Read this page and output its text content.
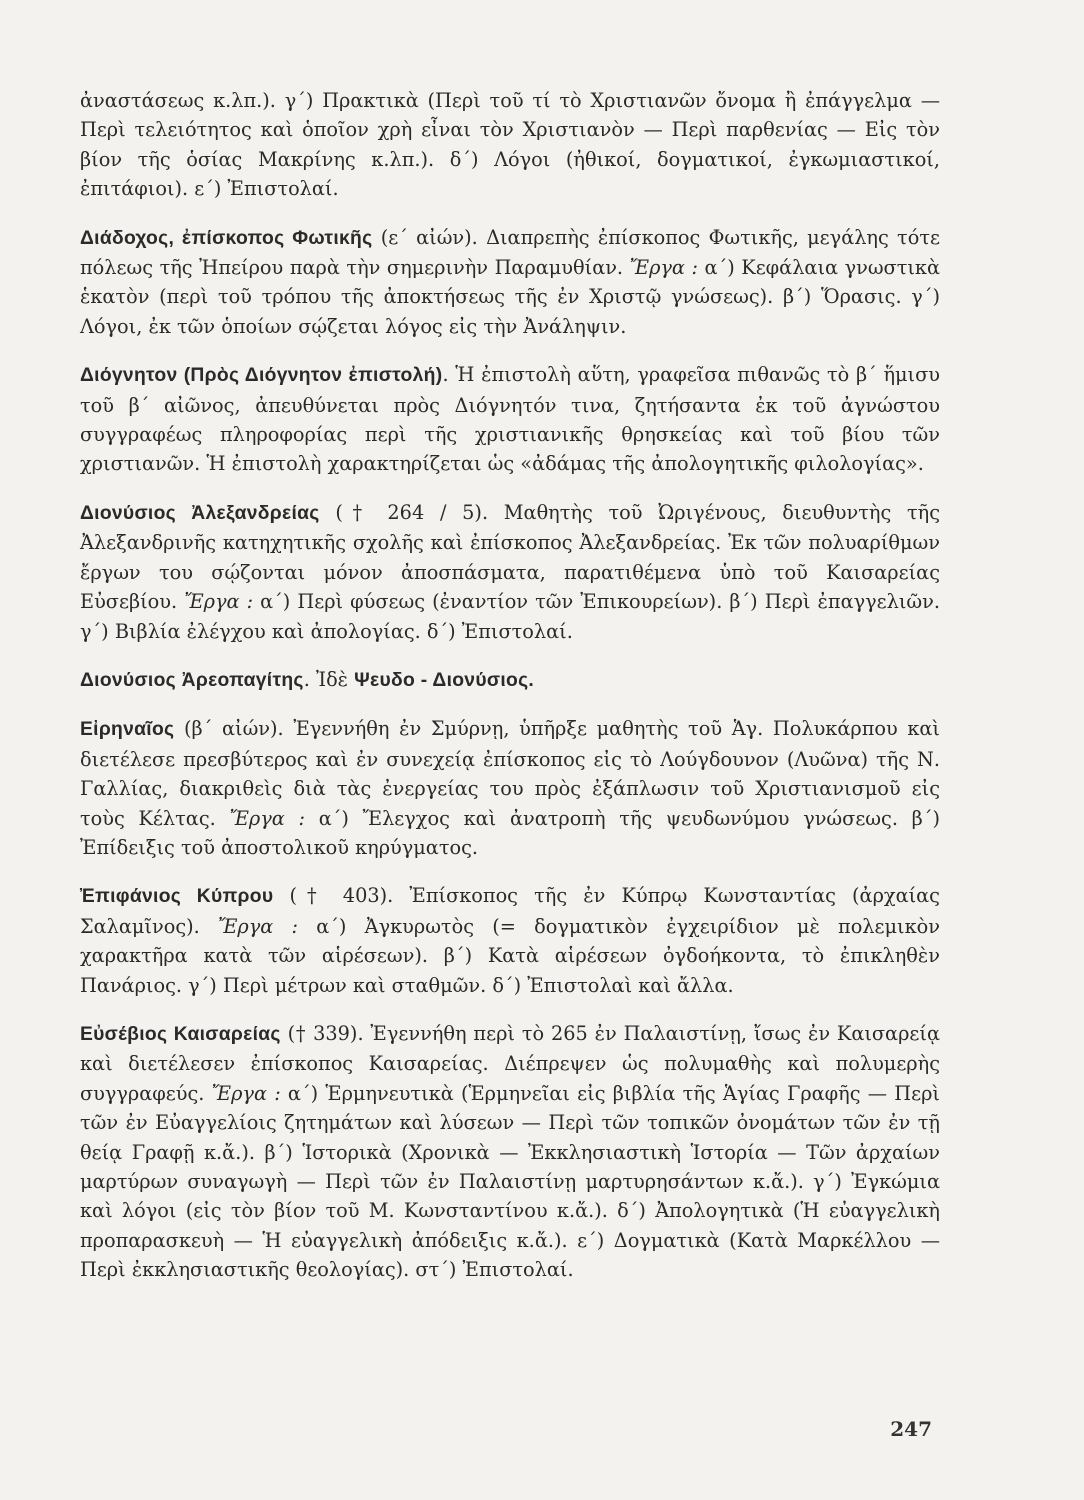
ἀναστάσεως κ.λπ.). γ΄) Πρακτικὰ (Περὶ τοῦ τί τὸ Χριστιανῶν ὄνομα ἢ ἐπάγγελμα — Περὶ τελειότητος καὶ ὁποῖον χρὴ εἶναι τὸν Χριστιανὸν — Περὶ παρθενίας — Εἰς τὸν βίον τῆς ὁσίας Μακρίνης κ.λπ.). δ΄) Λόγοι (ἠθικοί, δογματικοί, ἐγκωμιαστικοί, ἐπιτάφιοι). ε΄) Ἐπιστολαί.

Διάδοχος, ἐπίσκοπος Φωτικῆς (ε΄ αἰών). Διαπρεπὴς ἐπίσκοπος Φωτικῆς, μεγάλης τότε πόλεως τῆς Ἠπείρου παρὰ τὴν σημερινὴν Παραμυθίαν. Ἔργα : α΄) Κεφάλαια γνωστικὰ ἑκατὸν (περὶ τοῦ τρόπου τῆς ἀποκτήσεως τῆς ἐν Χριστῷ γνώσεως). β΄) Ὅρασις. γ΄) Λόγοι, ἐκ τῶν ὁποίων σῴζεται λόγος εἰς τὴν Ἀνάληψιν.

Διόγνητον (Πρὸς Διόγνητον ἐπιστολή). Ἡ ἐπιστολὴ αὕτη, γραφεῖσα πιθανῶς τὸ β΄ ἥμισυ τοῦ β΄ αἰῶνος, ἀπευθύνεται πρὸς Διόγνητόν τινα, ζητήσαντα ἐκ τοῦ ἀγνώστου συγγραφέως πληροφορίας περὶ τῆς χριστιανικῆς θρησκείας καὶ τοῦ βίου τῶν χριστιανῶν. Ἡ ἐπιστολὴ χαρακτηρίζεται ὡς «ἀδάμας τῆς ἀπολογητικῆς φιλολογίας».

Διονύσιος Ἀλεξανδρείας († 264 / 5). Μαθητὴς τοῦ Ὠριγένους, διευθυντὴς τῆς Ἀλεξανδρινῆς κατηχητικῆς σχολῆς καὶ ἐπίσκοπος Ἀλεξανδρείας. Ἐκ τῶν πολυαρίθμων ἔργων του σῴζονται μόνον ἀποσπάσματα, παρατιθέμενα ὑπὸ τοῦ Καισαρείας Εὐσεβίου. Ἔργα : α΄) Περὶ φύσεως (ἐναντίον τῶν Ἐπικουρείων). β΄) Περὶ ἐπαγγελιῶν. γ΄) Βιβλία ἐλέγχου καὶ ἀπολογίας. δ΄) Ἐπιστολαί.

Διονύσιος Ἀρεοπαγίτης. Ἰδὲ Ψευδο - Διονύσιος.

Εἰρηναῖος (β΄ αἰών). Ἐγεννήθη ἐν Σμύρνῃ, ὑπῆρξε μαθητὴς τοῦ Ἁγ. Πολυκάρπου καὶ διετέλεσε πρεσβύτερος καὶ ἐν συνεχείᾳ ἐπίσκοπος εἰς τὸ Λούγδουνον (Λυῶνα) τῆς Ν. Γαλλίας, διακριθεὶς διὰ τὰς ἐνεργείας του πρὸς ἐξάπλωσιν τοῦ Χριστιανισμοῦ εἰς τοὺς Κέλτας. Ἔργα : α΄) Ἔλεγχος καὶ ἀνατροπὴ τῆς ψευδωνύμου γνώσεως. β΄) Ἐπίδειξις τοῦ ἀποστολικοῦ κηρύγματος.

Ἐπιφάνιος Κύπρου († 403). Ἐπίσκοπος τῆς ἐν Κύπρῳ Κωνσταντίας (ἀρχαίας Σαλαμῖνος). Ἔργα : α΄) Ἀγκυρωτὸς (= δογματικὸν ἐγχειρίδιον μὲ πολεμικὸν χαρακτῆρα κατὰ τῶν αἱρέσεων). β΄) Κατὰ αἱρέσεων ὀγδοήκοντα, τὸ ἐπικληθὲν Πανάριος. γ΄) Περὶ μέτρων καὶ σταθμῶν. δ΄) Ἐπιστολαὶ καὶ ἄλλα.

Εὐσέβιος Καισαρείας († 339). Ἐγεννήθη περὶ τὸ 265 ἐν Παλαιστίνῃ, ἴσως ἐν Καισαρείᾳ καὶ διετέλεσεν ἐπίσκοπος Καισαρείας. Διέπρεψεν ὡς πολυμαθὴς καὶ πολυμερὴς συγγραφεύς. Ἔργα : α΄) Ἑρμηνευτικὰ (Ἑρμηνεῖαι εἰς βιβλία τῆς Ἁγίας Γραφῆς — Περὶ τῶν ἐν Εὐαγγελίοις ζητημάτων καὶ λύσεων — Περὶ τῶν τοπικῶν ὀνομάτων τῶν ἐν τῇ θείᾳ Γραφῇ κ.ἄ.). β΄) Ἱστορικὰ (Χρονικὰ — Ἐκκλησιαστικὴ Ἱστορία — Τῶν ἀρχαίων μαρτύρων συναγωγὴ — Περὶ τῶν ἐν Παλαιστίνῃ μαρτυρησάντων κ.ἄ.). γ΄) Ἐγκώμια καὶ λόγοι (εἰς τὸν βίον τοῦ Μ. Κωνσταντίνου κ.ἄ.). δ΄) Ἀπολογητικὰ (Ἡ εὐαγγελικὴ προπαρασκευὴ — Ἡ εὐαγγελικὴ ἀπόδειξις κ.ἄ.). ε΄) Δογματικὰ (Κατὰ Μαρκέλλου — Περὶ ἐκκλησιαστικῆς θεολογίας). στ΄) Ἐπιστολαί.

247
